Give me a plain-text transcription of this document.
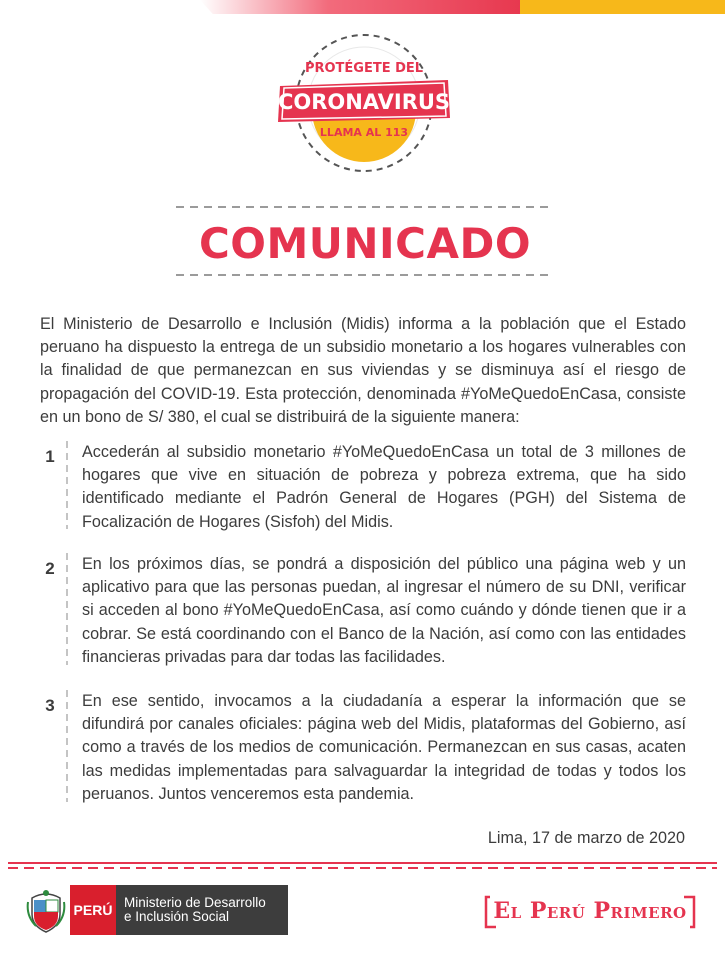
PROTÉGETE DEL
CORONAVIRUS
LLAMA AL 113
COMUNICADO

El Ministerio de Desarrollo e Inclusión (Midis) informa a la población que el Estado peruano ha dispuesto la entrega de un subsidio monetario a los hogares vulnerables con la finalidad de que permanezcan en sus viviendas y se disminuya así el riesgo de propagación del COVID-19. Esta protección, denominada #YoMeQuedoEnCasa, consiste en un bono de S/ 380, el cual se distribuirá de la siguiente manera:

1	Accederán al subsidio monetario #YoMeQuedoEnCasa un total de 3 millones de hogares que vive en situación de pobreza y pobreza extrema, que ha sido identificado mediante el Padrón General de Hogares (PGH) del Sistema de Focalización de Hogares (Sisfoh) del Midis.

2	En los próximos días, se pondrá a disposición del público una página web y un aplicativo para que las personas puedan, al ingresar el número de su DNI, verificar si acceden al bono #YoMeQuedoEnCasa, así como cuándo y dónde tienen que ir a cobrar. Se está coordinando con el Banco de la Nación, así como con las entidades financieras privadas para dar todas las facilidades.

3	En ese sentido, invocamos a la ciudadanía a esperar la información que se difundirá por canales oficiales: página web del Midis, plataformas del Gobierno, así como a través de los medios de comunicación. Permanezcan en sus casas, acaten las medidas implementadas para salvaguardar la integridad de todas y todos los peruanos. Juntos venceremos esta pandemia.

Lima, 17 de marzo de 2020
PERÚ Ministerio de Desarrollo
e Inclusión Social	El Perú Primero
